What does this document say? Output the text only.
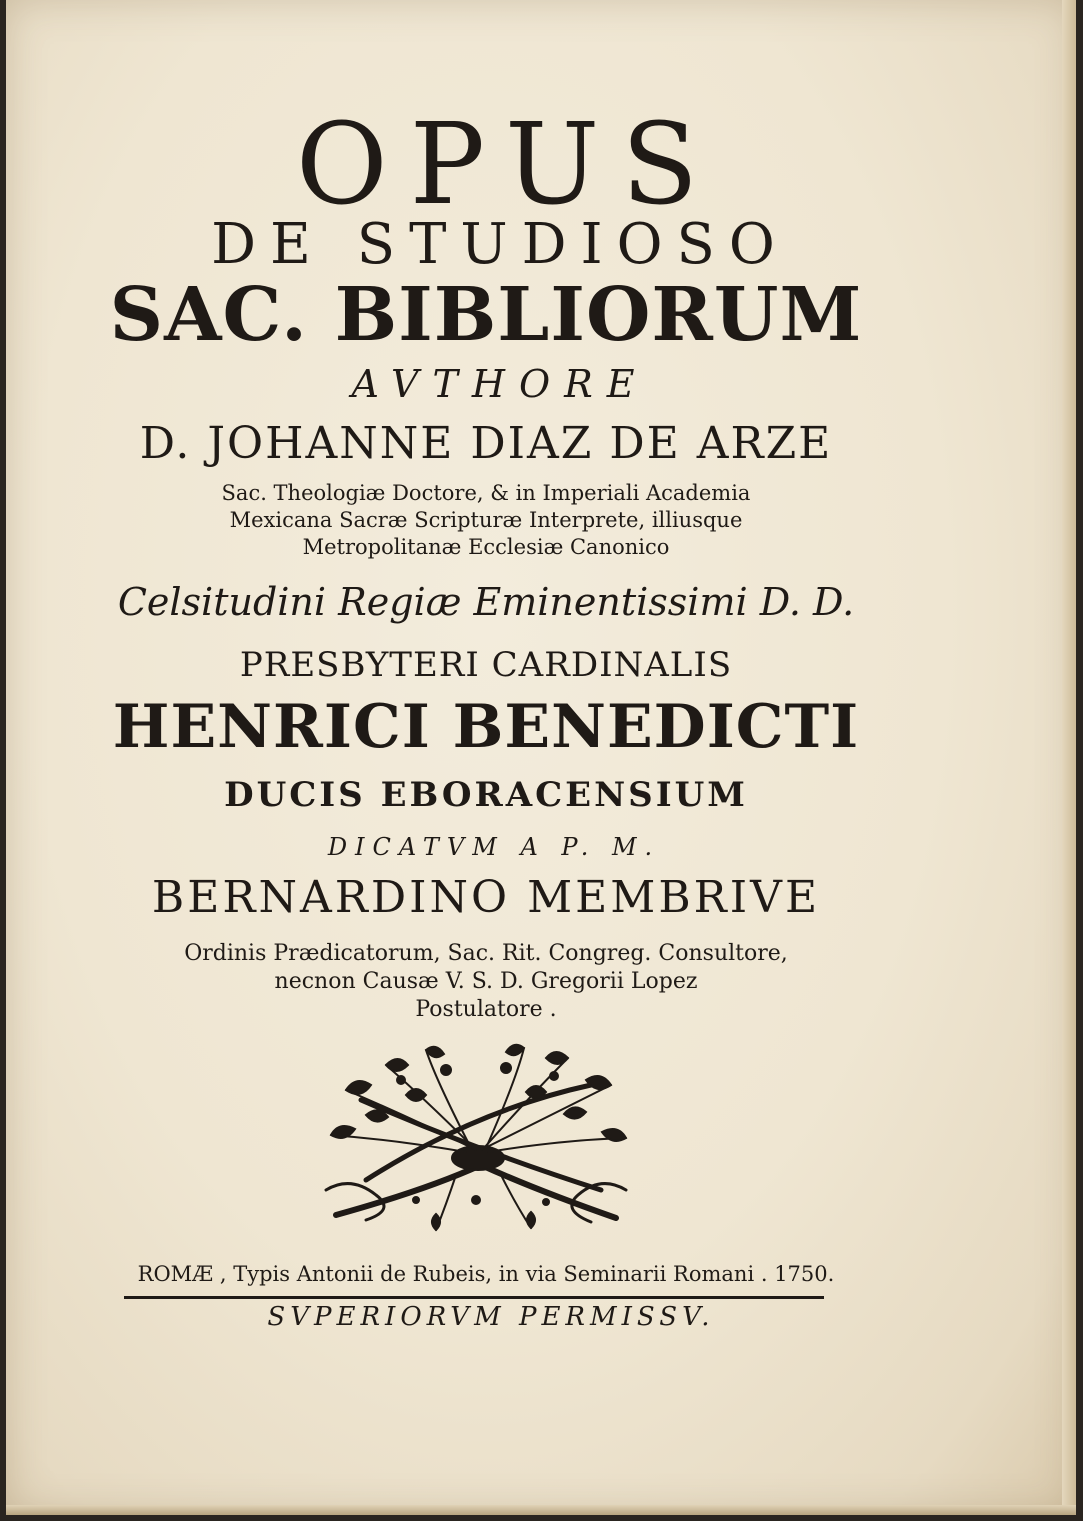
OPUS
DE STUDIOSO
SAC. BIBLIORUM
AVTHORE
D. JOHANNE DIAZ DE ARZE
Sac. Theologiæ Doctore, & in Imperiali Academia
Mexicana Sacræ Scripturæ Interprete, illiusque
Metropolitanæ Ecclesiæ Canonico
Celsitudini Regiæ Eminentissimi D. D.
PRESBYTERI CARDINALIS
HENRICI BENEDICTI
DUCIS EBORACENSIUM
DICATVM A P. M.
BERNARDINO MEMBRIVE
Ordinis Prædicatorum, Sac. Rit. Congreg. Consultore,
necnon Causæ V. S. D. Gregorii Lopez
Postulatore .
ROMÆ , Typis Antonii de Rubeis, in via Seminarii Romani . 1750.
SVPERIORVM PERMISSV.
